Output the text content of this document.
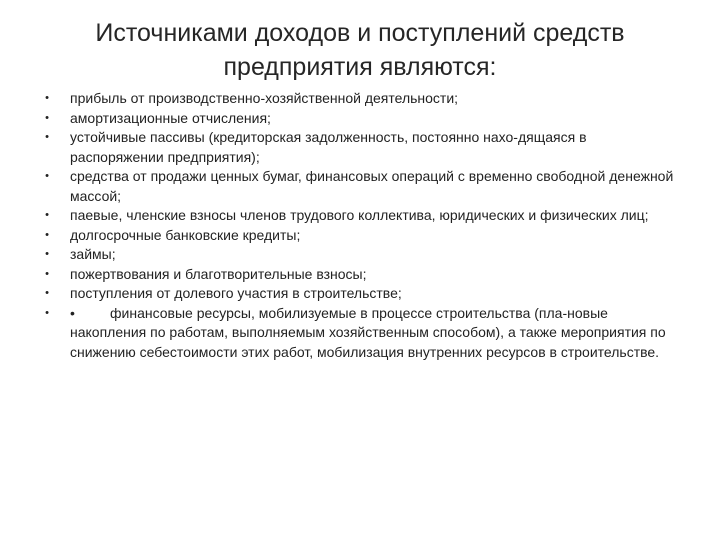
Источниками доходов и поступлений средств
предприятия являются:
• прибыль от производственно-хозяйственной деятельности;
• амортизационные отчисления;
• устойчивые пассивы (кредиторская задолженность, постоянно нахо-дящаяся в распоряжении предприятия);
• средства от продажи ценных бумаг, финансовых операций с временно свободной денежной массой;
• паевые, членские взносы членов трудового коллектива, юридических и физических лиц;
• долгосрочные банковские кредиты;
• займы;
• пожертвования и благотворительные взносы;
• поступления от долевого участия в строительстве;
• •	финансовые ресурсы, мобилизуемые в процессе строительства (пла-новые накопления по работам, выполняемым хозяйственным способом), а также мероприятия по снижению себестоимости этих работ, мобилизация внутренних ресурсов в строительстве.
